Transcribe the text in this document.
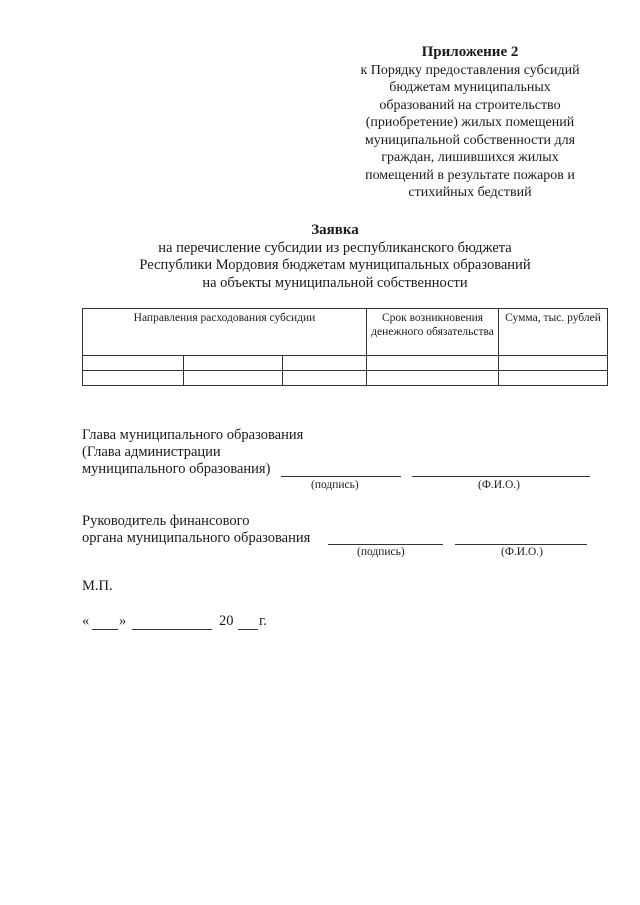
Приложение 2
к Порядку предоставления субсидий
бюджетам муниципальных
образований на строительство
(приобретение) жилых помещений
муниципальной собственности для
граждан, лишившихся жилых
помещений в результате пожаров и
стихийных бедствий
Заявка
на перечисление субсидии из республиканского бюджета
Республики Мордовия бюджетам муниципальных образований
на объекты муниципальной собственности
Направления расходования субсидии			Срок возникновения денежного обязательства	Сумма, тыс. рублей

Глава муниципального образования
(Глава администрации
муниципального образования)
(подпись)	(Ф.И.О.)
Руководитель финансового
органа муниципального образования
(подпись)	(Ф.И.О.)
М.П.
« »	20 г.
